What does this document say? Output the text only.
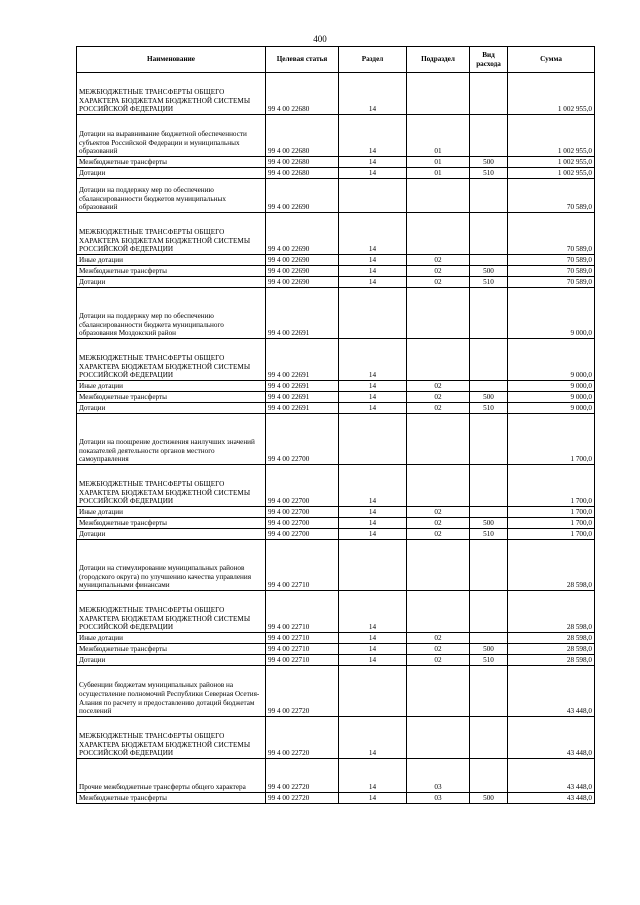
400
Наименование	Целевая статья	Раздел	Подраздел	Вид расхода	Сумма
МЕЖБЮДЖЕТНЫЕ ТРАНСФЕРТЫ ОБЩЕГО ХАРАКТЕРА БЮДЖЕТАМ БЮДЖЕТНОЙ СИСТЕМЫ РОССИЙСКОЙ ФЕДЕРАЦИИ	99 4 00 22680	14			1 002 955,0
Дотации на выравнивание бюджетной обеспеченности субъектов Российской Федерации и муниципальных образований	99 4 00 22680	14	01		1 002 955,0
Межбюджетные трансферты	99 4 00 22680	14	01	500	1 002 955,0
Дотации	99 4 00 22680	14	01	510	1 002 955,0
Дотации на поддержку мер по обеспечению сбалансированности бюджетов муниципальных образований	99 4 00 22690				70 589,0
МЕЖБЮДЖЕТНЫЕ ТРАНСФЕРТЫ ОБЩЕГО ХАРАКТЕРА БЮДЖЕТАМ БЮДЖЕТНОЙ СИСТЕМЫ РОССИЙСКОЙ ФЕДЕРАЦИИ	99 4 00 22690	14			70 589,0
Иные дотации	99 4 00 22690	14	02		70 589,0
Межбюджетные трансферты	99 4 00 22690	14	02	500	70 589,0
Дотации	99 4 00 22690	14	02	510	70 589,0
Дотации на поддержку мер по обеспечению сбалансированности бюджета муниципального образования Моздокский район	99 4 00 22691				9 000,0
МЕЖБЮДЖЕТНЫЕ ТРАНСФЕРТЫ ОБЩЕГО ХАРАКТЕРА БЮДЖЕТАМ БЮДЖЕТНОЙ СИСТЕМЫ РОССИЙСКОЙ ФЕДЕРАЦИИ	99 4 00 22691	14			9 000,0
Иные дотации	99 4 00 22691	14	02		9 000,0
Межбюджетные трансферты	99 4 00 22691	14	02	500	9 000,0
Дотации	99 4 00 22691	14	02	510	9 000,0
Дотации на поощрение достижения наилучших значений показателей деятельности органов местного самоуправления	99 4 00 22700				1 700,0
МЕЖБЮДЖЕТНЫЕ ТРАНСФЕРТЫ ОБЩЕГО ХАРАКТЕРА БЮДЖЕТАМ БЮДЖЕТНОЙ СИСТЕМЫ РОССИЙСКОЙ ФЕДЕРАЦИИ	99 4 00 22700	14			1 700,0
Иные дотации	99 4 00 22700	14	02		1 700,0
Межбюджетные трансферты	99 4 00 22700	14	02	500	1 700,0
Дотации	99 4 00 22700	14	02	510	1 700,0
Дотации на стимулирование муниципальных районов (городского округа) по улучшению качества управления муниципальными финансами	99 4 00 22710				28 598,0
МЕЖБЮДЖЕТНЫЕ ТРАНСФЕРТЫ ОБЩЕГО ХАРАКТЕРА БЮДЖЕТАМ БЮДЖЕТНОЙ СИСТЕМЫ РОССИЙСКОЙ ФЕДЕРАЦИИ	99 4 00 22710	14			28 598,0
Иные дотации	99 4 00 22710	14	02		28 598,0
Межбюджетные трансферты	99 4 00 22710	14	02	500	28 598,0
Дотации	99 4 00 22710	14	02	510	28 598,0
Субвенции бюджетам муниципальных районов на осуществление полномочий Республики Северная Осетия-Алания по расчету и предоставлению дотаций бюджетам поселений	99 4 00 22720				43 448,0
МЕЖБЮДЖЕТНЫЕ ТРАНСФЕРТЫ ОБЩЕГО ХАРАКТЕРА БЮДЖЕТАМ БЮДЖЕТНОЙ СИСТЕМЫ РОССИЙСКОЙ ФЕДЕРАЦИИ	99 4 00 22720	14			43 448,0
Прочие межбюджетные трансферты общего характера	99 4 00 22720	14	03		43 448,0
Межбюджетные трансферты	99 4 00 22720	14	03	500	43 448,0
